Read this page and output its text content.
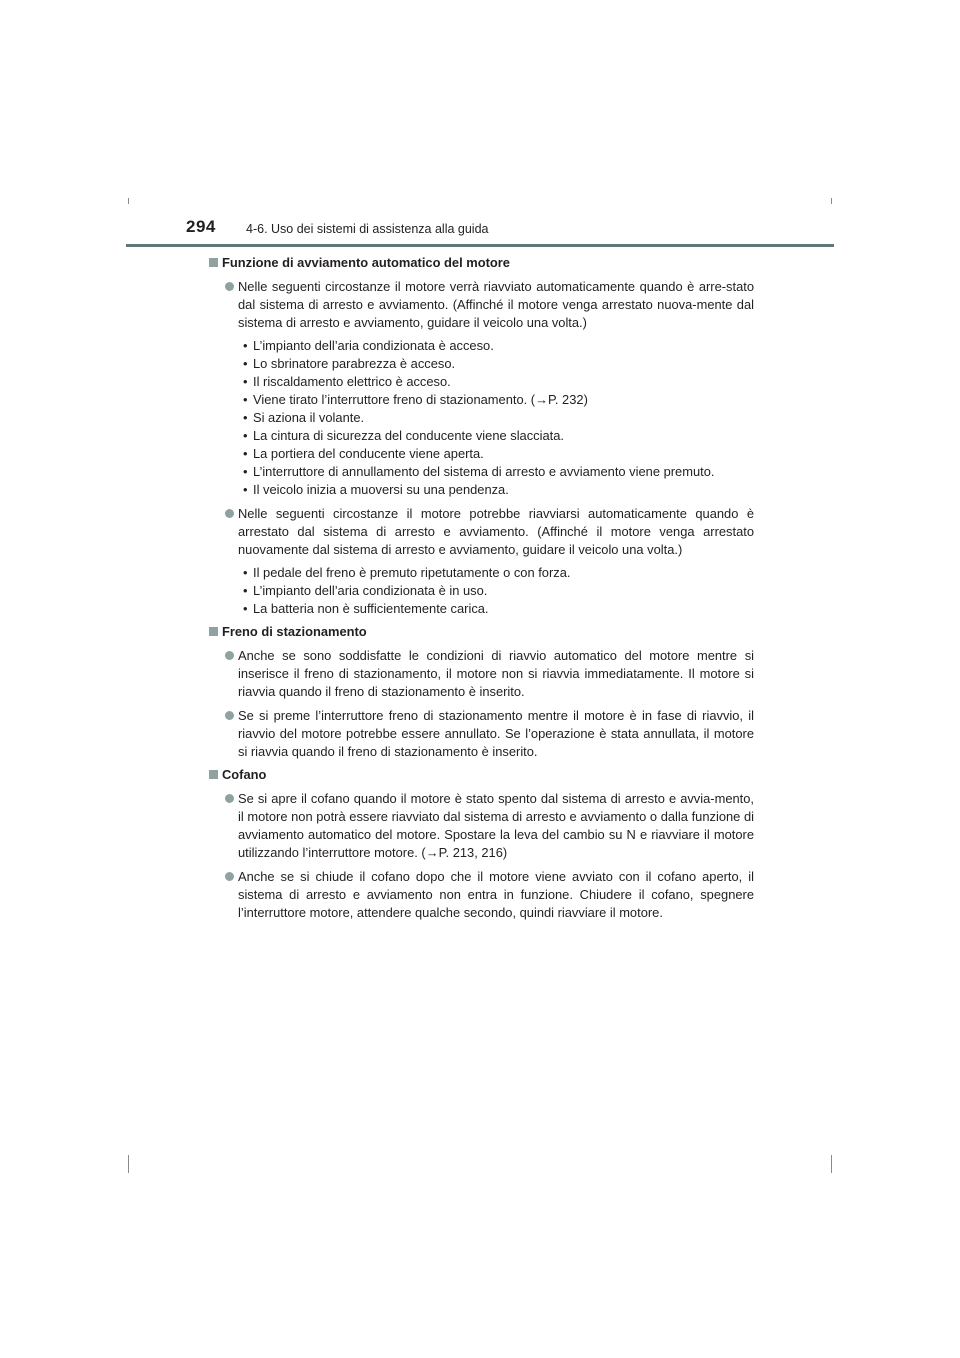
294 4-6. Uso dei sistemi di assistenza alla guida
Funzione di avviamento automatico del motore
Nelle seguenti circostanze il motore verrà riavviato automaticamente quando è arre-stato dal sistema di arresto e avviamento. (Affinché il motore venga arrestato nuova-mente dal sistema di arresto e avviamento, guidare il veicolo una volta.)
• L’impianto dell’aria condizionata è acceso.
• Lo sbrinatore parabrezza è acceso.
• Il riscaldamento elettrico è acceso.
• Viene tirato l’interruttore freno di stazionamento. (→P. 232)
• Si aziona il volante.
• La cintura di sicurezza del conducente viene slacciata.
• La portiera del conducente viene aperta.
• L’interruttore di annullamento del sistema di arresto e avviamento viene premuto.
• Il veicolo inizia a muoversi su una pendenza.
Nelle seguenti circostanze il motore potrebbe riavviarsi automaticamente quando è arrestato dal sistema di arresto e avviamento. (Affinché il motore venga arrestato nuovamente dal sistema di arresto e avviamento, guidare il veicolo una volta.)
• Il pedale del freno è premuto ripetutamente o con forza.
• L’impianto dell’aria condizionata è in uso.
• La batteria non è sufficientemente carica.
Freno di stazionamento
Anche se sono soddisfatte le condizioni di riavvio automatico del motore mentre si inserisce il freno di stazionamento, il motore non si riavvia immediatamente. Il motore si riavvia quando il freno di stazionamento è inserito.
Se si preme l’interruttore freno di stazionamento mentre il motore è in fase di riavvio, il riavvio del motore potrebbe essere annullato. Se l’operazione è stata annullata, il motore si riavvia quando il freno di stazionamento è inserito.
Cofano
Se si apre il cofano quando il motore è stato spento dal sistema di arresto e avvia-mento, il motore non potrà essere riavviato dal sistema di arresto e avviamento o dalla funzione di avviamento automatico del motore. Spostare la leva del cambio su N e riavviare il motore utilizzando l’interruttore motore. (→P. 213, 216)
Anche se si chiude il cofano dopo che il motore viene avviato con il cofano aperto, il sistema di arresto e avviamento non entra in funzione. Chiudere il cofano, spegnere l’interruttore motore, attendere qualche secondo, quindi riavviare il motore.
